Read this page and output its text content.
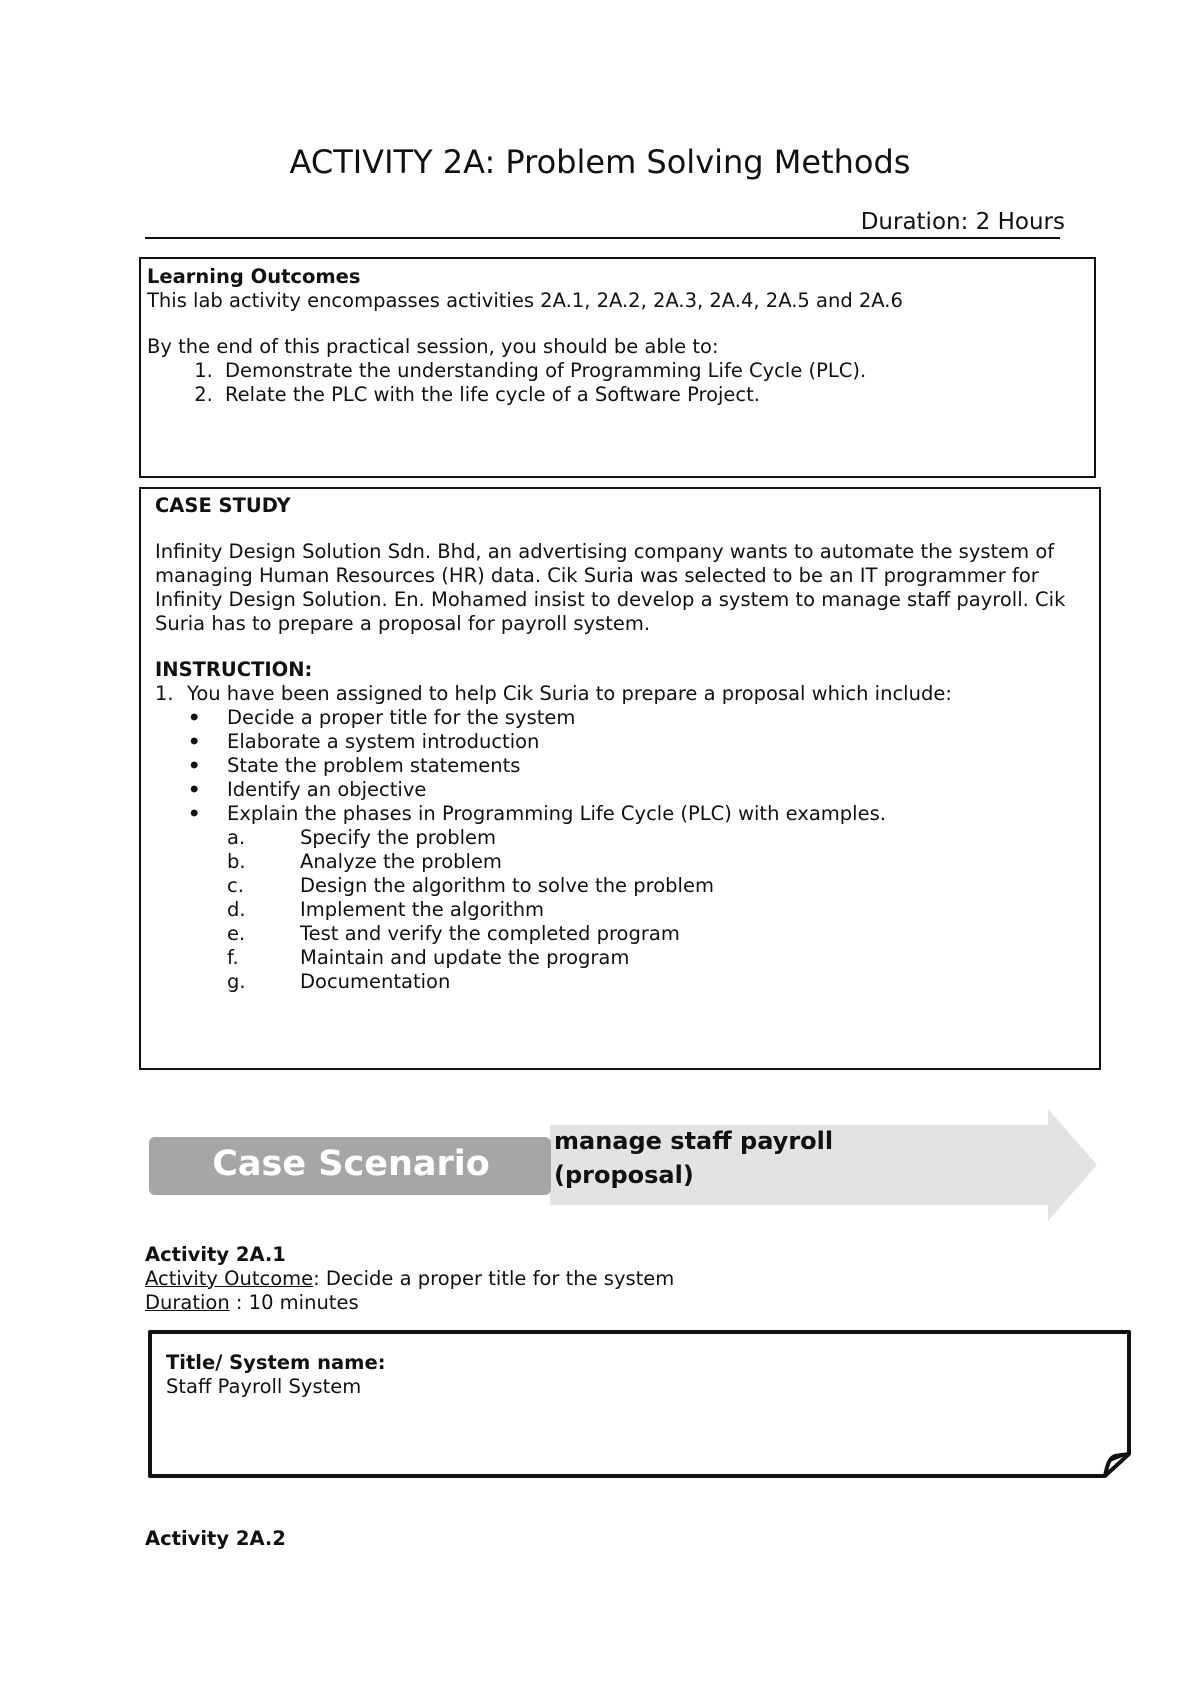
ACTIVITY 2A: Problem Solving Methods
Duration: 2 Hours
Learning Outcomes
This lab activity encompasses activities 2A.1, 2A.2, 2A.3, 2A.4, 2A.5 and 2A.6
By the end of this practical session, you should be able to:
1. Demonstrate the understanding of Programming Life Cycle (PLC).
2. Relate the PLC with the life cycle of a Software Project.
CASE STUDY
Infinity Design Solution Sdn. Bhd, an advertising company wants to automate the system of managing Human Resources (HR) data. Cik Suria was selected to be an IT programmer for Infinity Design Solution. En. Mohamed insist to develop a system to manage staff payroll. Cik Suria has to prepare a proposal for payroll system.
INSTRUCTION:
1. You have been assigned to help Cik Suria to prepare a proposal which include:
• Decide a proper title for the system
• Elaborate a system introduction
• State the problem statements
• Identify an objective
• Explain the phases in Programming Life Cycle (PLC) with examples.
a.	Specify the problem
b.	Analyze the problem
c.	Design the algorithm to solve the problem
d.	Implement the algorithm
e.	Test and verify the completed program
f.	Maintain and update the program
g.	Documentation
Case Scenario
manage staff payroll
(proposal)
Activity 2A.1
Activity Outcome: Decide a proper title for the system
Duration : 10 minutes
Title/ System name:
Staff Payroll System
Activity 2A.2
